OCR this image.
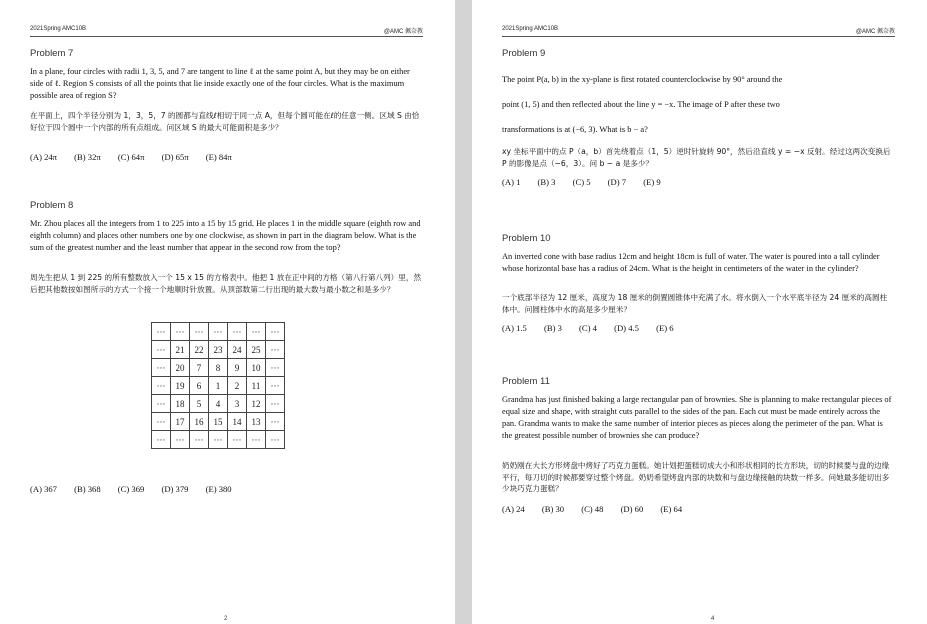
2021Spring AMC10B	@AMC 佩奈教
Problem 7
In a plane, four circles with radii 1, 3, 5, and 7 are tangent to line ℓ at the same point A, but they may be on either side of ℓ. Region S consists of all the points that lie inside exactly one of the four circles. What is the maximum possible area of region S?
在平面上，四个半径分别为 1，3，5，7 的圆都与直线ℓ相切于同一点 A，但每个圆可能在ℓ的任意一侧。区域 S 由恰好位于四个圆中一个内部的所有点组成。问区域 S 的最大可能面积是多少？
(A) 24π (B) 32π (C) 64π (D) 65π (E) 84π
Problem 8
Mr. Zhou places all the integers from 1 to 225 into a 15 by 15 grid. He places 1 in the middle square (eighth row and eighth column) and places other numbers one by one clockwise, as shown in part in the diagram below. What is the sum of the greatest number and the least number that appear in the second row from the top?
周先生把从 1 到 225 的所有整数放入一个 15 x 15 的方格表中。他把 1 放在正中间的方格（第八行第八列）里，然后把其他数按如图所示的方式一个接一个地顺时针放置。从顶部数第二行出现的最大数与最小数之和是多少？
···	···	···	···	···	···	···
···	21	22	23	24	25	···
···	20	7	8	9	10	···
···	19	6	1	2	11	···
···	18	5	4	3	12	···
···	17	16	15	14	13	···
···	···	···	···	···	···	···
(A) 367 (B) 368 (C) 369 (D) 379 (E) 380
2
2021Spring AMC10B	@AMC 佩奈教
Problem 9
The point P(a, b) in the xy-plane is first rotated counterclockwise by 90° around the
point (1, 5) and then reflected about the line y = −x. The image of P after these two
transformations is at (−6, 3). What is b − a?
xy 坐标平面中的点 P（a，b）首先绕着点（1，5）逆时针旋转 90°，然后沿直线 y = −x 反射。经过这两次变换后 P 的影像是点（−6，3）。问 b − a 是多少？
(A) 1 (B) 3 (C) 5 (D) 7 (E) 9
Problem 10
An inverted cone with base radius 12cm and height 18cm is full of water. The water is poured into a tall cylinder whose horizontal base has a radius of 24cm. What is the height in centimeters of the water in the cylinder?
一个底部半径为 12 厘米，高度为 18 厘米的倒置圆锥体中充满了水。将水倒入一个水平底半径为 24 厘米的高圆柱体中。问圆柱体中水的高是多少厘米？
(A) 1.5 (B) 3 (C) 4 (D) 4.5 (E) 6
Problem 11
Grandma has just finished baking a large rectangular pan of brownies. She is planning to make rectangular pieces of equal size and shape, with straight cuts parallel to the sides of the pan. Each cut must be made entirely across the pan. Grandma wants to make the same number of interior pieces as pieces along the perimeter of the pan. What is the greatest possible number of brownies she can produce?
奶奶刚在大长方形烤盘中烤好了巧克力蛋糕。她计划把蛋糕切成大小和形状相同的长方形块，切的时候要与盘的边缘平行，每刀切的时候都要穿过整个烤盘。奶奶希望烤盘内部的块数和与盘边缘接触的块数一样多。问她最多能切出多少块巧克力蛋糕？
(A) 24 (B) 30 (C) 48 (D) 60 (E) 64
4
